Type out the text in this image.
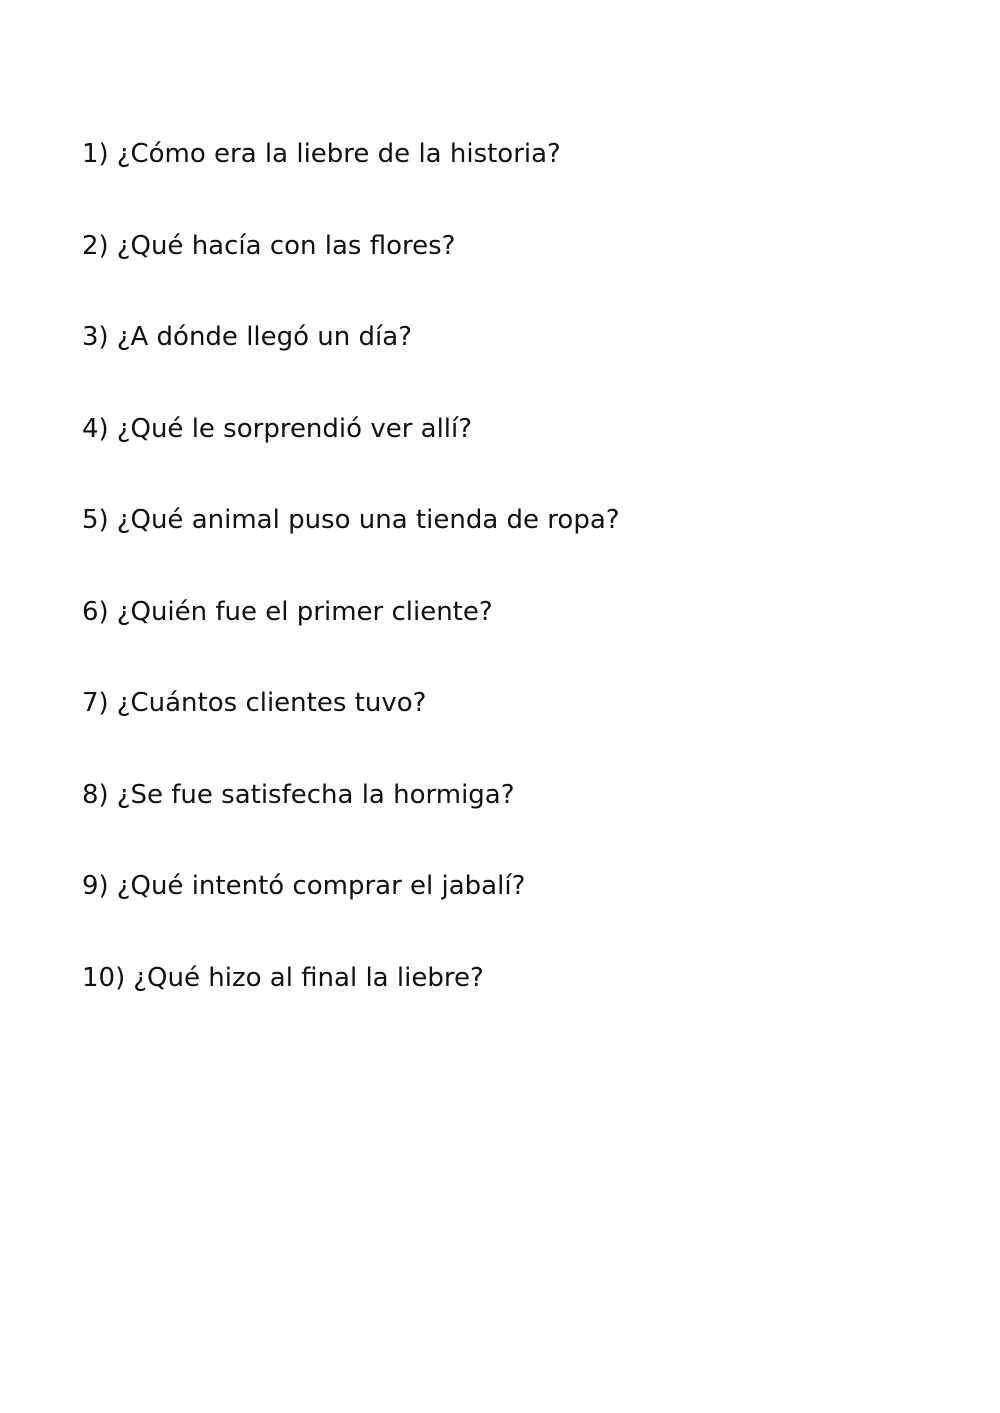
1) ¿Cómo era la liebre de la historia?
2) ¿Qué hacía con las flores?
3) ¿A dónde llegó un día?
4) ¿Qué le sorprendió ver allí?
5) ¿Qué animal puso una tienda de ropa?
6) ¿Quién fue el primer cliente?
7) ¿Cuántos clientes tuvo?
8) ¿Se fue satisfecha la hormiga?
9) ¿Qué intentó comprar el jabalí?
10) ¿Qué hizo al final la liebre?
